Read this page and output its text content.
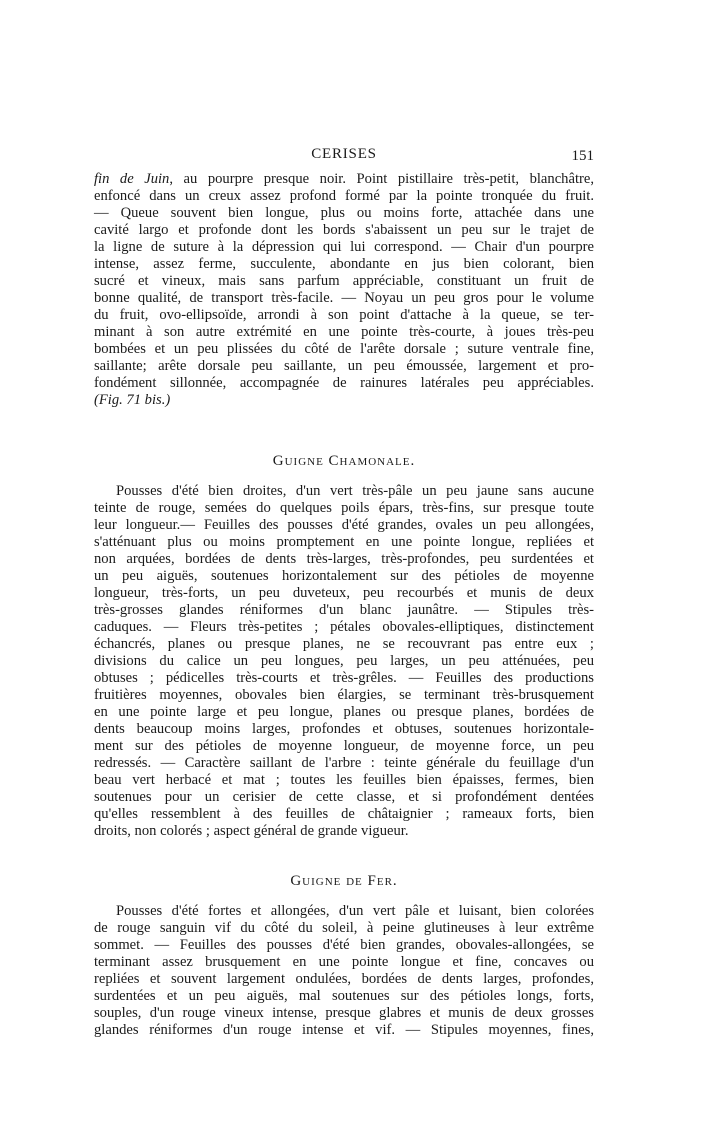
CERISES	151
fin de Juin, au pourpre presque noir. Point pistillaire très-petit, blanchâtre,
enfoncé dans un creux assez profond formé par la pointe tronquée du fruit.
— Queue souvent bien longue, plus ou moins forte, attachée dans une
cavité largo et profonde dont les bords s'abaissent un peu sur le trajet de
la ligne de suture à la dépression qui lui correspond. — Chair d'un pourpre
intense, assez ferme, succulente, abondante en jus bien colorant, bien
sucré et vineux, mais sans parfum appréciable, constituant un fruit de
bonne qualité, de transport très-facile. — Noyau un peu gros pour le volume
du fruit, ovo-ellipsoïde, arrondi à son point d'attache à la queue, se ter-
minant à son autre extrémité en une pointe très-courte, à joues très-peu
bombées et un peu plissées du côté de l'arête dorsale ; suture ventrale fine,
saillante; arête dorsale peu saillante, un peu émoussée, largement et pro-
fondément sillonnée, accompagnée de rainures latérales peu appréciables.
(Fig. 71 bis.)
Guigne Chamonale.
Pousses d'été bien droites, d'un vert très-pâle un peu jaune sans aucune
teinte de rouge, semées do quelques poils épars, très-fins, sur presque toute
leur longueur.— Feuilles des pousses d'été grandes, ovales un peu allongées,
s'atténuant plus ou moins promptement en une pointe longue, repliées et
non arquées, bordées de dents très-larges, très-profondes, peu surdentées et
un peu aiguës, soutenues horizontalement sur des pétioles de moyenne
longueur, très-forts, un peu duveteux, peu recourbés et munis de deux
très-grosses glandes réniformes d'un blanc jaunâtre. — Stipules très-
caduques. — Fleurs très-petites ; pétales obovales-elliptiques, distinctement
échancrés, planes ou presque planes, ne se recouvrant pas entre eux ;
divisions du calice un peu longues, peu larges, un peu atténuées, peu
obtuses ; pédicelles très-courts et très-grêles. — Feuilles des productions
fruitières moyennes, obovales bien élargies, se terminant très-brusquement
en une pointe large et peu longue, planes ou presque planes, bordées de
dents beaucoup moins larges, profondes et obtuses, soutenues horizontale-
ment sur des pétioles de moyenne longueur, de moyenne force, un peu
redressés. — Caractère saillant de l'arbre : teinte générale du feuillage d'un
beau vert herbacé et mat ; toutes les feuilles bien épaisses, fermes, bien
soutenues pour un cerisier de cette classe, et si profondément dentées
qu'elles ressemblent à des feuilles de châtaignier ; rameaux forts, bien
droits, non colorés ; aspect général de grande vigueur.
Guigne de Fer.
Pousses d'été fortes et allongées, d'un vert pâle et luisant, bien colorées
de rouge sanguin vif du côté du soleil, à peine glutineuses à leur extrême
sommet. — Feuilles des pousses d'été bien grandes, obovales-allongées, se
terminant assez brusquement en une pointe longue et fine, concaves ou
repliées et souvent largement ondulées, bordées de dents larges, profondes,
surdentées et un peu aiguës, mal soutenues sur des pétioles longs, forts,
souples, d'un rouge vineux intense, presque glabres et munis de deux grosses
glandes réniformes d'un rouge intense et vif. — Stipules moyennes, fines,
